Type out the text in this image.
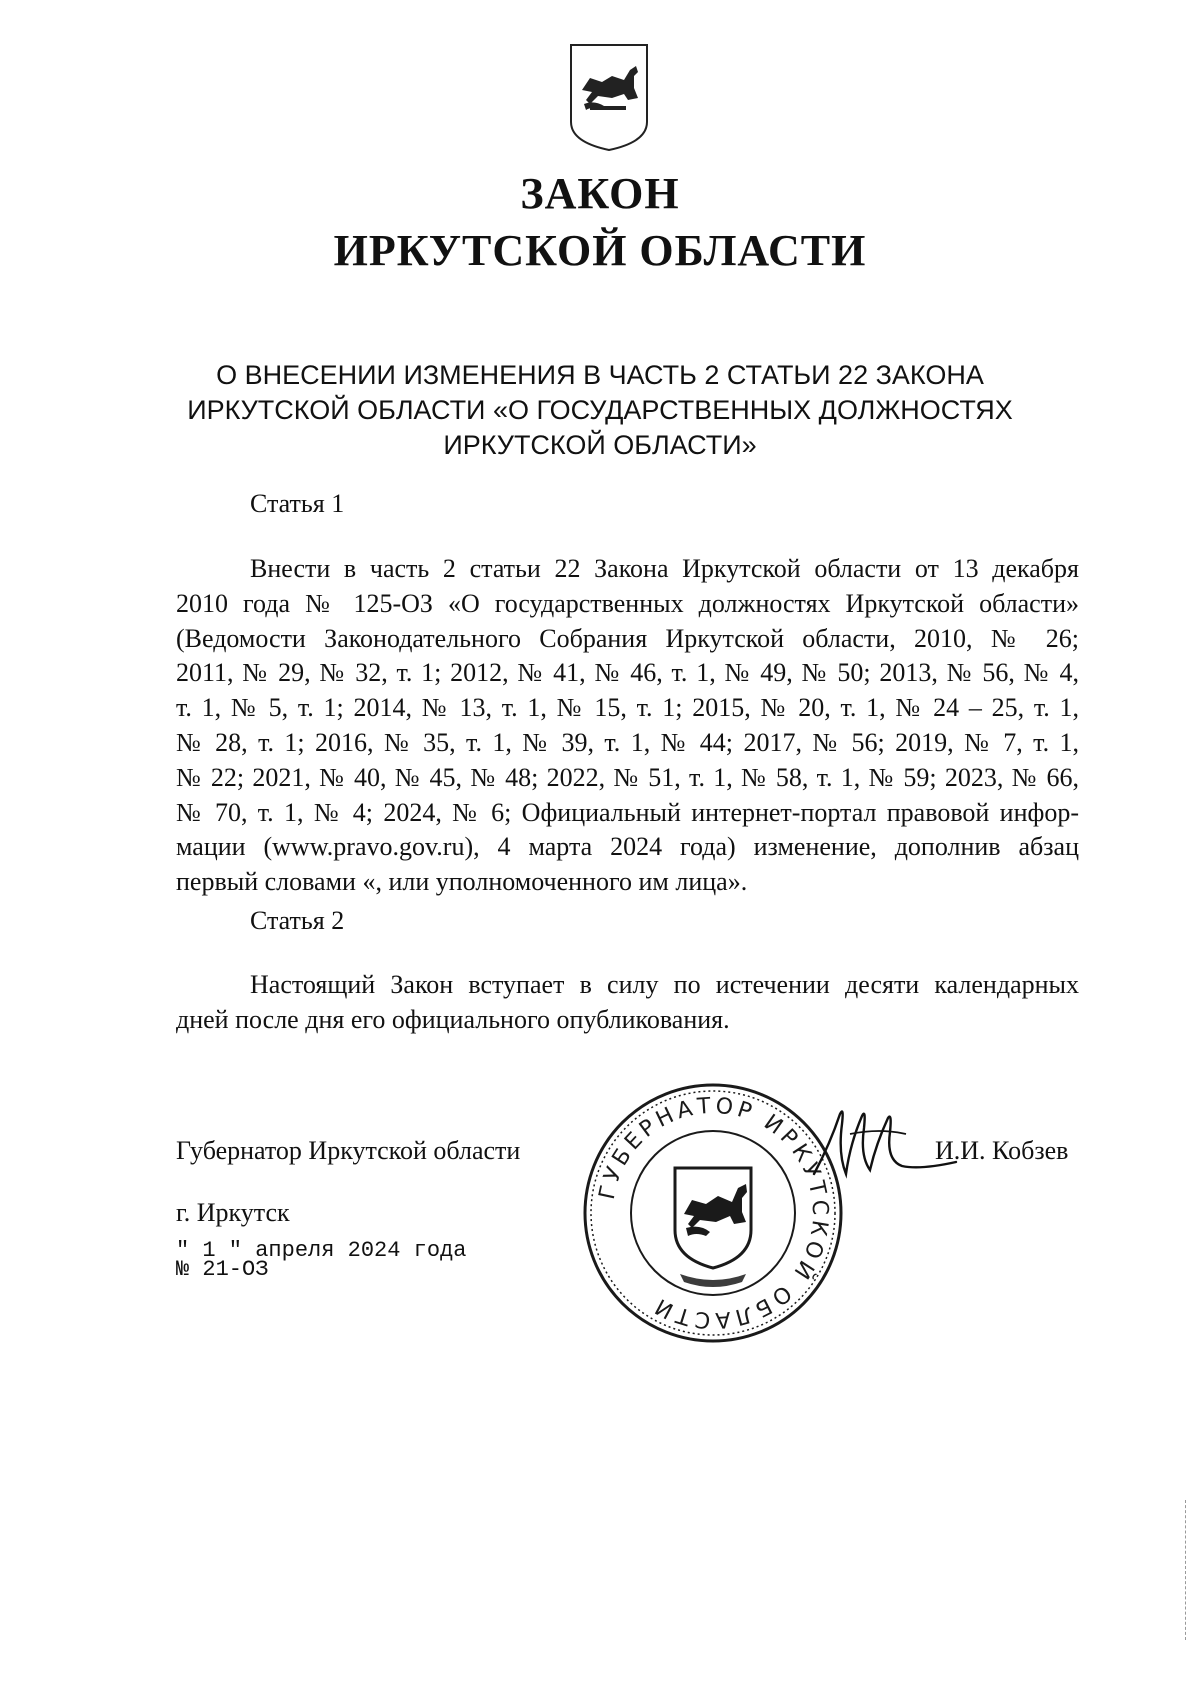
ЗАКОН
ИРКУТСКОЙ ОБЛАСТИ
О ВНЕСЕНИИ ИЗМЕНЕНИЯ В ЧАСТЬ 2 СТАТЬИ 22 ЗАКОНА
ИРКУТСКОЙ ОБЛАСТИ «О ГОСУДАРСТВЕННЫХ ДОЛЖНОСТЯХ
ИРКУТСКОЙ ОБЛАСТИ»
Статья 1
Внести в часть 2 статьи 22 Закона Иркутской области от 13 декабря
2010 года № 125-ОЗ «О государственных должностях Иркутской области»
(Ведомости Законодательного Собрания Иркутской области, 2010, № 26;
2011, № 29, № 32, т. 1; 2012, № 41, № 46, т. 1, № 49, № 50; 2013, № 56, № 4,
т. 1, № 5, т. 1; 2014, № 13, т. 1, № 15, т. 1; 2015, № 20, т. 1, № 24 – 25, т. 1,
№ 28, т. 1; 2016, № 35, т. 1, № 39, т. 1, № 44; 2017, № 56; 2019, № 7, т. 1,
№ 22; 2021, № 40, № 45, № 48; 2022, № 51, т. 1, № 58, т. 1, № 59; 2023, № 66,
№ 70, т. 1, № 4; 2024, № 6; Официальный интернет-портал правовой инфор-
мации (www.pravo.gov.ru), 4 марта 2024 года) изменение, дополнив абзац
первый словами «, или уполномоченного им лица».
Статья 2
Настоящий Закон вступает в силу по истечении десяти календарных
дней после дня его официального опубликования.
Губернатор Иркутской области	И.И. Кобзев
г. Иркутск
" 1 " апреля 2024 года
№ 21-ОЗ
ГУБЕРНАТОР ИРКУТСКОЙ ОБЛАСТИ
